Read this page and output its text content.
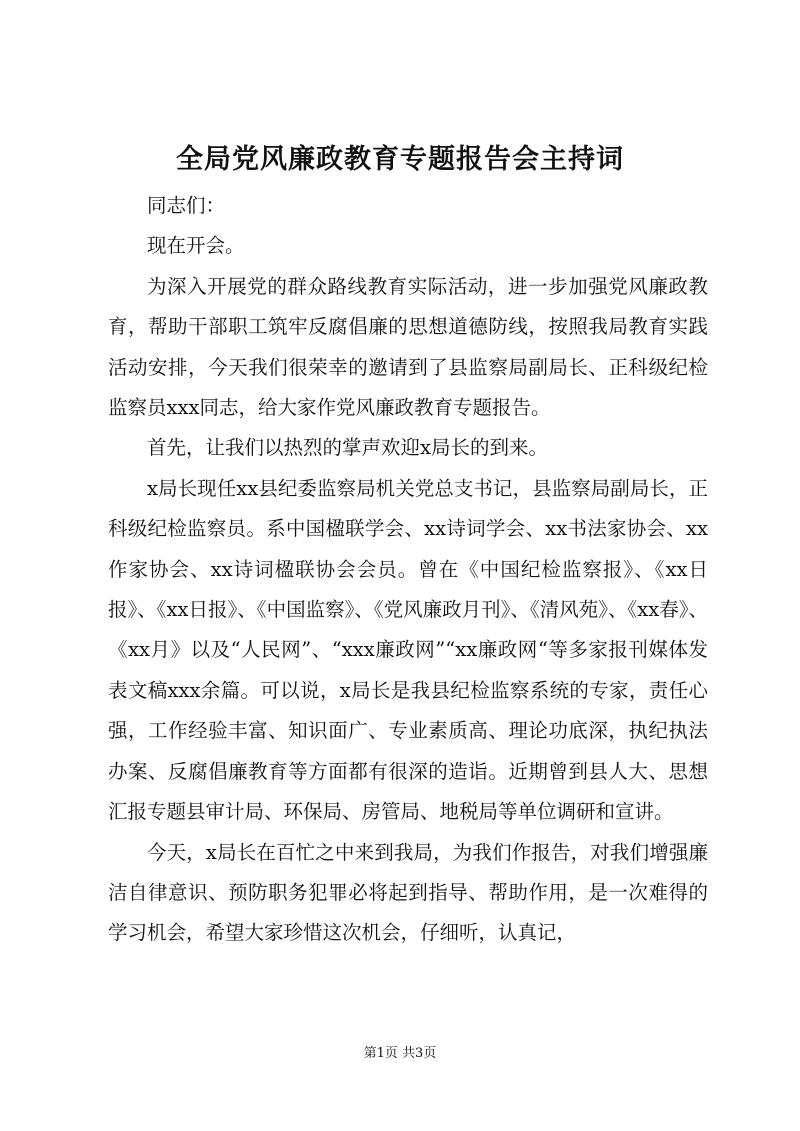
全局党风廉政教育专题报告会主持词

同志们：

现在开会。

为深入开展党的群众路线教育实际活动，进一步加强党风廉政教育，帮助干部职工筑牢反腐倡廉的思想道德防线，按照我局教育实践活动安排，今天我们很荣幸的邀请到了县监察局副局长、正科级纪检监察员xxx同志，给大家作党风廉政教育专题报告。

首先，让我们以热烈的掌声欢迎x局长的到来。

x局长现任xx县纪委监察局机关党总支书记，县监察局副局长，正科级纪检监察员。系中国楹联学会、xx诗词学会、xx书法家协会、xx作家协会、xx诗词楹联协会会员。曾在《中国纪检监察报》、《xx日报》、《xx日报》、《中国监察》、《党风廉政月刊》、《清风苑》、《xx春》、《xx月》以及“人民网”、“xxx廉政网”“xx廉政网“等多家报刊媒体发表文稿xxx余篇。可以说，x局长是我县纪检监察系统的专家，责任心强，工作经验丰富、知识面广、专业素质高、理论功底深，执纪执法办案、反腐倡廉教育等方面都有很深的造诣。近期曾到县人大、思想汇报专题县审计局、环保局、房管局、地税局等单位调研和宣讲。

今天，x局长在百忙之中来到我局，为我们作报告，对我们增强廉洁自律意识、预防职务犯罪必将起到指导、帮助作用，是一次难得的学习机会，希望大家珍惜这次机会，仔细听，认真记，

第1页 共3页
